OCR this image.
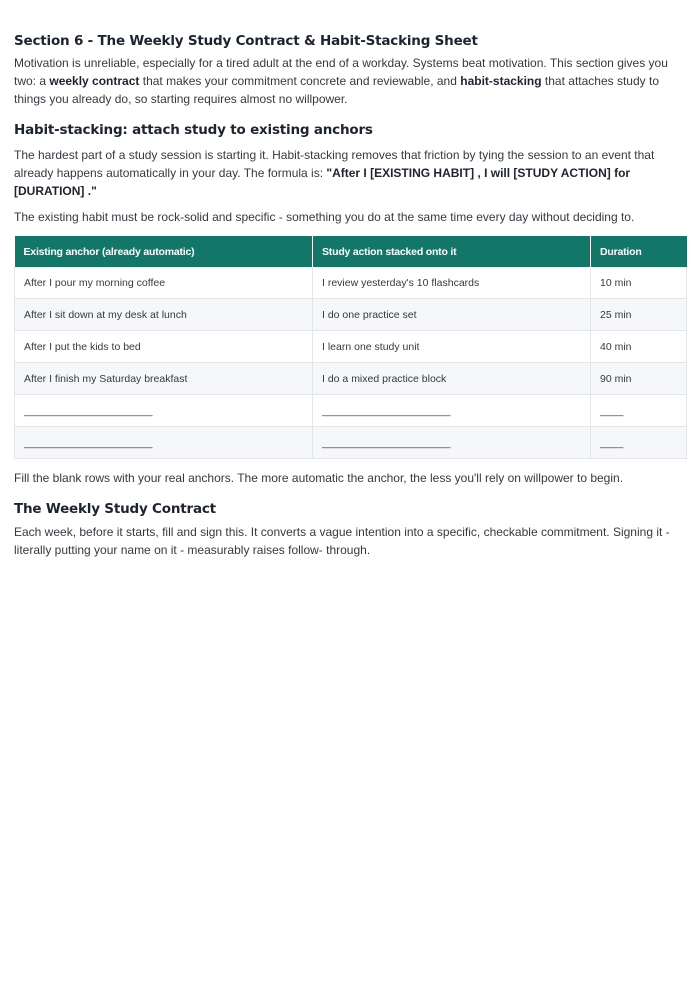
Section 6 - The Weekly Study Contract & Habit-Stacking Sheet

Motivation is unreliable, especially for a tired adult at the end of a workday. Systems beat motivation. This section gives you two: a weekly contract that makes your commitment concrete and reviewable, and habit-stacking that attaches study to things you already do, so starting requires almost no willpower.

Habit-stacking: attach study to existing anchors

The hardest part of a study session is starting it. Habit-stacking removes that friction by tying the session to an event that already happens automatically in your day. The formula is: "After I [EXISTING HABIT] , I will [STUDY ACTION] for [DURATION] ."

The existing habit must be rock-solid and specific - something you do at the same time every day without deciding to.

Existing anchor (already automatic)	Study action stacked onto it	Duration
After I pour my morning coffee	I review yesterday's 10 flashcards	10 min
After I sit down at my desk at lunch	I do one practice set	25 min
After I put the kids to bed	I learn one study unit	40 min
After I finish my Saturday breakfast	I do a mixed practice block	90 min
______________________	______________________	____
______________________	______________________	____

Fill the blank rows with your real anchors. The more automatic the anchor, the less you'll rely on willpower to begin.

The Weekly Study Contract

Each week, before it starts, fill and sign this. It converts a vague intention into a specific, checkable commitment. Signing it - literally putting your name on it - measurably raises follow- through.
